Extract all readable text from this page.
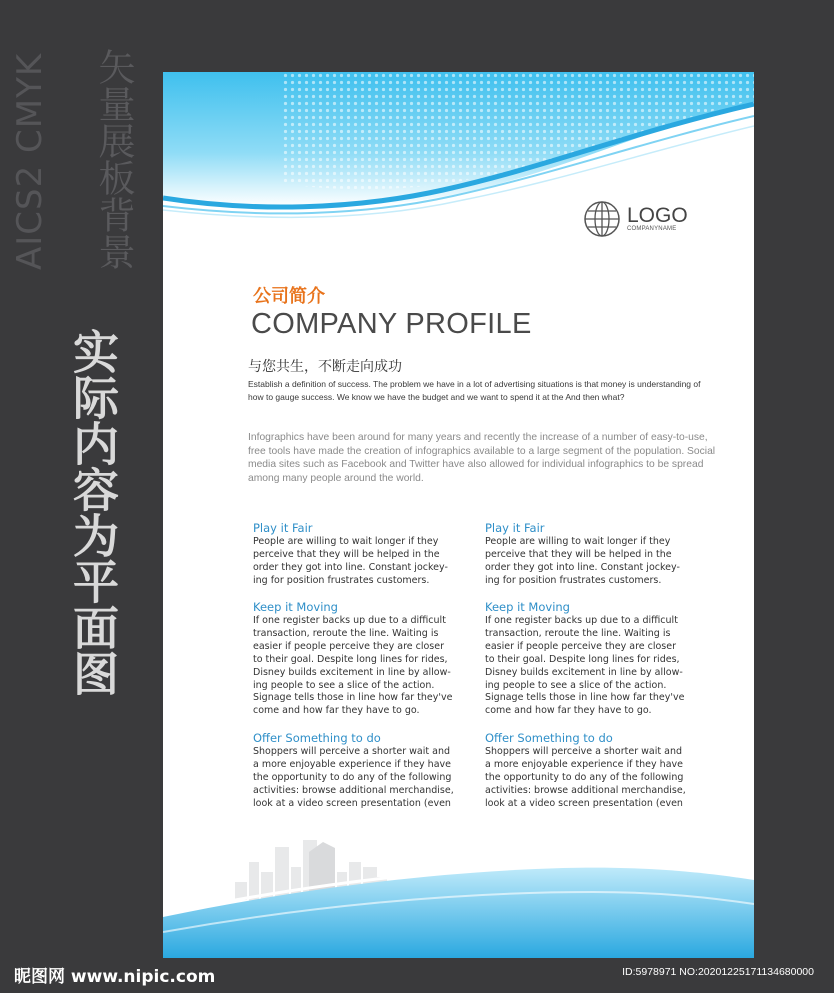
AICS2 CMYK 矢量展板背景
实际内容为平面图
LOGO
COMPANYNAME
公司简介
COMPANY PROFILE
与您共生，不断走向成功
Establish a definition of success. The problem we have in a lot of advertising situations is that money is understanding of how to gauge success. We know we have the budget and we want to spend it at the And then what?
Infographics have been around for many years and recently the increase of a number of easy-to-use, free tools have made the creation of infographics available to a large segment of the population. Social media sites such as Facebook and Twitter have also allowed for individual infographics to be spread among many people around the world.
Play it Fair
People are willing to wait longer if they
perceive that they will be helped in the
order they got into line. Constant jockey-
ing for position frustrates customers.
Keep it Moving
If one register backs up due to a difficult
transaction, reroute the line. Waiting is
easier if people perceive they are closer
to their goal. Despite long lines for rides,
Disney builds excitement in line by allow-
ing people to see a slice of the action.
Signage tells those in line how far they've
come and how far they have to go.
Offer Something to do
Shoppers will perceive a shorter wait and
a more enjoyable experience if they have
the opportunity to do any of the following
activities: browse additional merchandise,
look at a video screen presentation (even
Play it Fair
People are willing to wait longer if they
perceive that they will be helped in the
order they got into line. Constant jockey-
ing for position frustrates customers.
Keep it Moving
If one register backs up due to a difficult
transaction, reroute the line. Waiting is
easier if people perceive they are closer
to their goal. Despite long lines for rides,
Disney builds excitement in line by allow-
ing people to see a slice of the action.
Signage tells those in line how far they've
come and how far they have to go.
Offer Something to do
Shoppers will perceive a shorter wait and
a more enjoyable experience if they have
the opportunity to do any of the following
activities: browse additional merchandise,
look at a video screen presentation (even
昵图网 www.nipic.com	ID:5978971 NO:20201225171134680000
